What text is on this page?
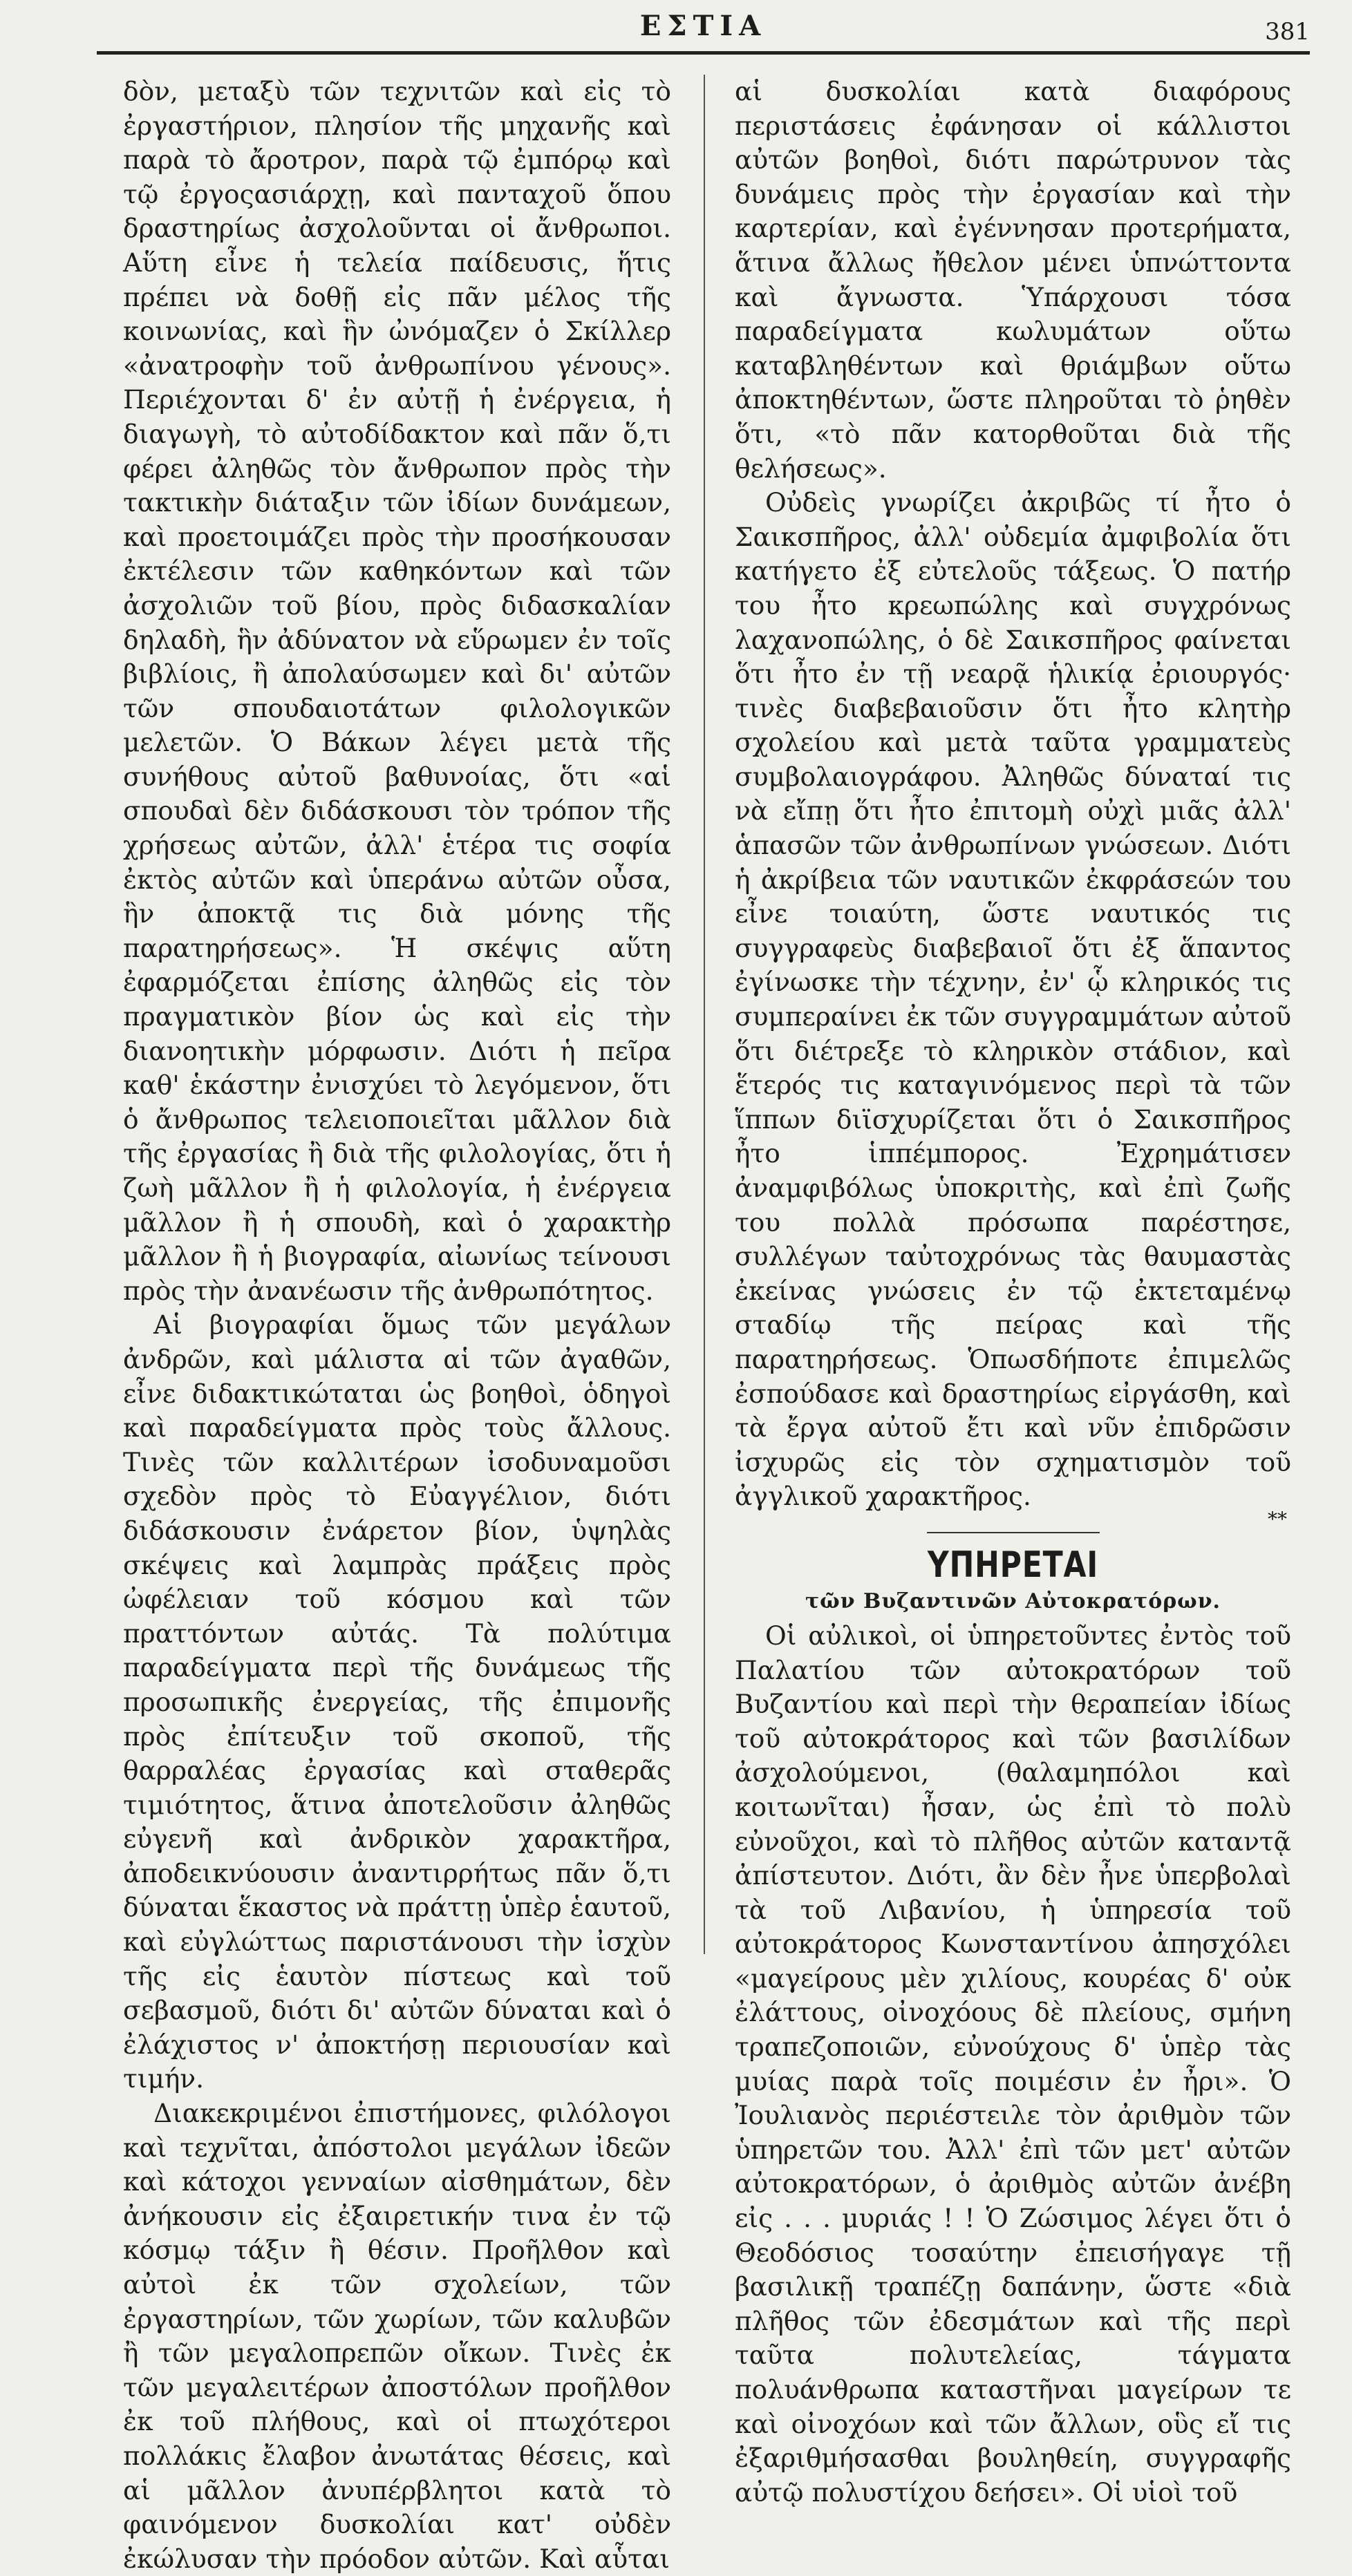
ΕΣΤΙΑ	381

δὸν, μεταξὺ τῶν τεχνιτῶν καὶ εἰς τὸ ἐργαστήριον, πλησίον τῆς μηχανῆς καὶ παρὰ τὸ ἄροτρον, παρὰ τῷ ἐμπόρῳ καὶ τῷ ἐργοςασιάρχῃ, καὶ πανταχοῦ ὅπου δραστηρίως ἀσχολοῦνται οἱ ἄνθρωποι. Αὕτη εἶνε ἡ τελεία παίδευσις, ἥτις πρέπει νὰ δοθῇ εἰς πᾶν μέλος τῆς κοινωνίας, καὶ ἣν ὠνόμαζεν ὁ Σκίλλερ «ἀνατροφὴν τοῦ ἀνθρωπίνου γένους». Περιέχονται δ' ἐν αὐτῇ ἡ ἐνέργεια, ἡ διαγωγὴ, τὸ αὐτοδίδακτον καὶ πᾶν ὅ,τι φέρει ἀληθῶς τὸν ἄνθρωπον πρὸς τὴν τακτικὴν διάταξιν τῶν ἰδίων δυνάμεων, καὶ προετοιμάζει πρὸς τὴν προσήκουσαν ἐκτέλεσιν τῶν καθηκόντων καὶ τῶν ἀσχολιῶν τοῦ βίου, πρὸς διδασκαλίαν δηλαδὴ, ἣν ἀδύνατον νὰ εὕρωμεν ἐν τοῖς βιβλίοις, ἢ ἀπολαύσωμεν καὶ δι' αὐτῶν τῶν σπουδαιοτάτων φιλολογικῶν μελετῶν. Ὁ Βάκων λέγει μετὰ τῆς συνήθους αὐτοῦ βαθυνοίας, ὅτι «αἱ σπουδαὶ δὲν διδάσκουσι τὸν τρόπον τῆς χρήσεως αὐτῶν, ἀλλ' ἑτέρα τις σοφία ἐκτὸς αὐτῶν καὶ ὑπεράνω αὐτῶν οὖσα, ἣν ἀποκτᾷ τις διὰ μόνης τῆς παρατηρήσεως». Ἡ σκέψις αὕτη ἐφαρμόζεται ἐπίσης ἀληθῶς εἰς τὸν πραγματικὸν βίον ὡς καὶ εἰς τὴν διανοητικὴν μόρφωσιν. Διότι ἡ πεῖρα καθ' ἑκάστην ἐνισχύει τὸ λεγόμενον, ὅτι ὁ ἄνθρωπος τελειοποιεῖται μᾶλλον διὰ τῆς ἐργασίας ἢ διὰ τῆς φιλολογίας, ὅτι ἡ ζωὴ μᾶλλον ἢ ἡ φιλολογία, ἡ ἐνέργεια μᾶλλον ἢ ἡ σπουδὴ, καὶ ὁ χαρακτὴρ μᾶλλον ἢ ἡ βιογραφία, αἰωνίως τείνουσι πρὸς τὴν ἀνανέωσιν τῆς ἀνθρωπότητος.

Αἱ βιογραφίαι ὅμως τῶν μεγάλων ἀνδρῶν, καὶ μάλιστα αἱ τῶν ἀγαθῶν, εἶνε διδακτικώταται ὡς βοηθοὶ, ὁδηγοὶ καὶ παραδείγματα πρὸς τοὺς ἄλλους. Τινὲς τῶν καλλιτέρων ἰσοδυναμοῦσι σχεδὸν πρὸς τὸ Εὐαγγέλιον, διότι διδάσκουσιν ἐνάρετον βίον, ὑψηλὰς σκέψεις καὶ λαμπρὰς πράξεις πρὸς ὠφέλειαν τοῦ κόσμου καὶ τῶν πραττόντων αὐτάς. Τὰ πολύτιμα παραδείγματα περὶ τῆς δυνάμεως τῆς προσωπικῆς ἐνεργείας, τῆς ἐπιμονῆς πρὸς ἐπίτευξιν τοῦ σκοποῦ, τῆς θαρραλέας ἐργασίας καὶ σταθερᾶς τιμιότητος, ἅτινα ἀποτελοῦσιν ἀληθῶς εὐγενῆ καὶ ἀνδρικὸν χαρακτῆρα, ἀποδεικνύουσιν ἀναντιρρήτως πᾶν ὅ,τι δύναται ἕκαστος νὰ πράττῃ ὑπὲρ ἑαυτοῦ, καὶ εὐγλώττως παριστάνουσι τὴν ἰσχὺν τῆς εἰς ἑαυτὸν πίστεως καὶ τοῦ σεβασμοῦ, διότι δι' αὐτῶν δύναται καὶ ὁ ἐλάχιστος ν' ἀποκτήσῃ περιουσίαν καὶ τιμήν.

Διακεκριμένοι ἐπιστήμονες, φιλόλογοι καὶ τεχνῖται, ἀπόστολοι μεγάλων ἰδεῶν καὶ κάτοχοι γενναίων αἰσθημάτων, δὲν ἀνήκουσιν εἰς ἐξαιρετικήν τινα ἐν τῷ κόσμῳ τάξιν ἢ θέσιν. Προῆλθον καὶ αὐτοὶ ἐκ τῶν σχολείων, τῶν ἐργαστηρίων, τῶν χωρίων, τῶν καλυβῶν ἢ τῶν μεγαλοπρεπῶν οἴκων. Τινὲς ἐκ τῶν μεγαλειτέρων ἀποστόλων προῆλθον ἐκ τοῦ πλήθους, καὶ οἱ πτωχότεροι πολλάκις ἔλαβον ἀνωτάτας θέσεις, καὶ αἱ μᾶλλον ἀνυπέρβλητοι κατὰ τὸ φαινόμενον δυσκολίαι κατ' οὐδὲν ἐκώλυσαν τὴν πρόοδον αὐτῶν. Καὶ αὗται

αἱ δυσκολίαι κατὰ διαφόρους περιστάσεις ἐφάνησαν οἱ κάλλιστοι αὐτῶν βοηθοὶ, διότι παρώτρυνον τὰς δυνάμεις πρὸς τὴν ἐργασίαν καὶ τὴν καρτερίαν, καὶ ἐγέννησαν προτερήματα, ἅτινα ἄλλως ἤθελον μένει ὑπνώττοντα καὶ ἄγνωστα. Ὑπάρχουσι τόσα παραδείγματα κωλυμάτων οὕτω καταβληθέντων καὶ θριάμβων οὕτω ἀποκτηθέντων, ὥστε πληροῦται τὸ ῥηθὲν ὅτι, «τὸ πᾶν κατορθοῦται διὰ τῆς θελήσεως».

Οὐδεὶς γνωρίζει ἀκριβῶς τί ἦτο ὁ Σαικσπῆρος, ἀλλ' οὐδεμία ἀμφιβολία ὅτι κατήγετο ἐξ εὐτελοῦς τάξεως. Ὁ πατήρ του ἦτο κρεωπώλης καὶ συγχρόνως λαχανοπώλης, ὁ δὲ Σαικσπῆρος φαίνεται ὅτι ἦτο ἐν τῇ νεαρᾷ ἡλικίᾳ ἐριουργός· τινὲς διαβεβαιοῦσιν ὅτι ἦτο κλητὴρ σχολείου καὶ μετὰ ταῦτα γραμματεὺς συμβολαιογράφου. Ἀληθῶς δύναταί τις νὰ εἴπῃ ὅτι ἦτο ἐπιτομὴ οὐχὶ μιᾶς ἀλλ' ἁπασῶν τῶν ἀνθρωπίνων γνώσεων. Διότι ἡ ἀκρίβεια τῶν ναυτικῶν ἐκφράσεών του εἶνε τοιαύτη, ὥστε ναυτικός τις συγγραφεὺς διαβεβαιοῖ ὅτι ἐξ ἅπαντος ἐγίνωσκε τὴν τέχνην, ἐν' ᾧ κληρικός τις συμπεραίνει ἐκ τῶν συγγραμμάτων αὐτοῦ ὅτι διέτρεξε τὸ κληρικὸν στάδιον, καὶ ἕτερός τις καταγινόμενος περὶ τὰ τῶν ἵππων διϊσχυρίζεται ὅτι ὁ Σαικσπῆρος ἦτο ἱππέμπορος. Ἐχρημάτισεν ἀναμφιβόλως ὑποκριτὴς, καὶ ἐπὶ ζωῆς του πολλὰ πρόσωπα παρέστησε, συλλέγων ταὐτοχρόνως τὰς θαυμαστὰς ἐκείνας γνώσεις ἐν τῷ ἐκτεταμένῳ σταδίῳ τῆς πείρας καὶ τῆς παρατηρήσεως. Ὁπωσδήποτε ἐπιμελῶς ἐσπούδασε καὶ δραστηρίως εἰργάσθη, καὶ τὰ ἔργα αὐτοῦ ἔτι καὶ νῦν ἐπιδρῶσιν ἰσχυρῶς εἰς τὸν σχηματισμὸν τοῦ ἀγγλικοῦ χαρακτῆρος.

**
ΥΠΗΡΕΤΑΙ
τῶν Βυζαντινῶν Αὐτοκρατόρων.

Οἱ αὐλικοὶ, οἱ ὑπηρετοῦντες ἐντὸς τοῦ Παλατίου τῶν αὐτοκρατόρων τοῦ Βυζαντίου καὶ περὶ τὴν θεραπείαν ἰδίως τοῦ αὐτοκράτορος καὶ τῶν βασιλίδων ἀσχολούμενοι, (θαλαμηπόλοι καὶ κοιτωνῖται) ἦσαν, ὡς ἐπὶ τὸ πολὺ εὐνοῦχοι, καὶ τὸ πλῆθος αὐτῶν καταντᾷ ἀπίστευτον. Διότι, ἂν δὲν ἦνε ὑπερβολαὶ τὰ τοῦ Λιβανίου, ἡ ὑπηρεσία τοῦ αὐτοκράτορος Κωνσταντίνου ἀπησχόλει «μαγείρους μὲν χιλίους, κουρέας δ' οὐκ ἐλάττους, οἰνοχόους δὲ πλείους, σμήνη τραπεζοποιῶν, εὐνούχους δ' ὑπὲρ τὰς μυίας παρὰ τοῖς ποιμέσιν ἐν ἦρι». Ὁ Ἰουλιανὸς περιέστειλε τὸν ἀριθμὸν τῶν ὑπηρετῶν του. Ἀλλ' ἐπὶ τῶν μετ' αὐτῶν αὐτοκρατόρων, ὁ ἀριθμὸς αὐτῶν ἀνέβη εἰς . . . μυριάς ! ! Ὁ Ζώσιμος λέγει ὅτι ὁ Θεοδόσιος τοσαύτην ἐπεισήγαγε τῇ βασιλικῇ τραπέζῃ δαπάνην, ὥστε «διὰ πλῆθος τῶν ἐδεσμάτων καὶ τῆς περὶ ταῦτα πολυτελείας, τάγματα πολυάνθρωπα καταστῆναι μαγείρων τε καὶ οἰνοχόων καὶ τῶν ἄλλων, οὓς εἴ τις ἐξαριθμήσασθαι βουληθείη, συγγραφῆς αὐτῷ πολυστίχου δεήσει». Οἱ υἱοὶ τοῦ
